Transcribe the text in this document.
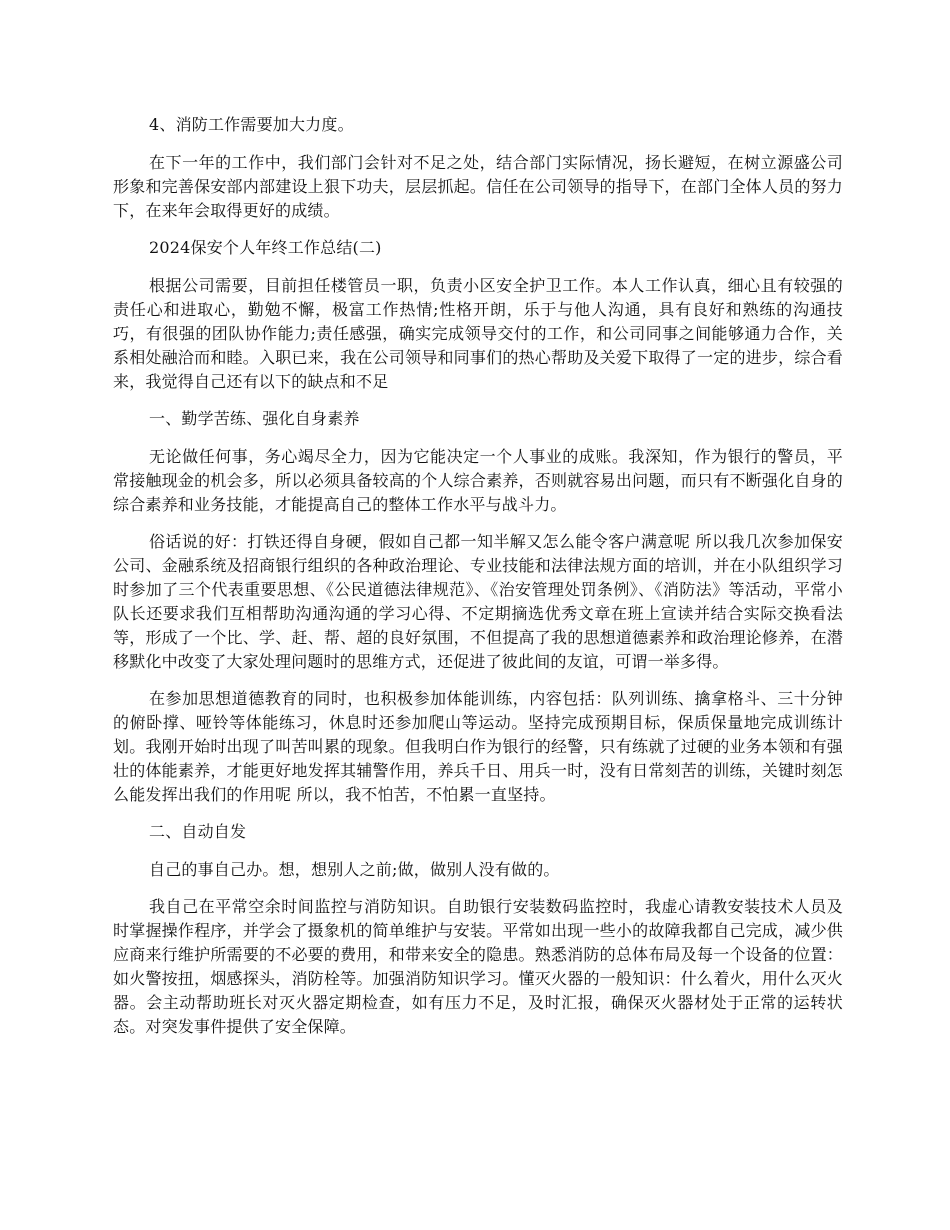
4、消防工作需要加大力度。

在下一年的工作中，我们部门会针对不足之处，结合部门实际情况，扬长避短，在树立源盛公司形象和完善保安部内部建设上狠下功夫，层层抓起。信任在公司领导的指导下，在部门全体人员的努力下，在来年会取得更好的成绩。

2024保安个人年终工作总结(二)

根据公司需要，目前担任楼管员一职，负责小区安全护卫工作。本人工作认真，细心且有较强的责任心和进取心，勤勉不懈，极富工作热情;性格开朗，乐于与他人沟通，具有良好和熟练的沟通技巧，有很强的团队协作能力;责任感强，确实完成领导交付的工作，和公司同事之间能够通力合作，关系相处融洽而和睦。入职已来，我在公司领导和同事们的热心帮助及关爱下取得了一定的进步，综合看来，我觉得自己还有以下的缺点和不足

一、勤学苦练、强化自身素养

无论做任何事，务心竭尽全力，因为它能决定一个人事业的成账。我深知，作为银行的警员，平常接触现金的机会多，所以必须具备较高的个人综合素养，否则就容易出问题，而只有不断强化自身的综合素养和业务技能，才能提高自己的整体工作水平与战斗力。

俗话说的好：打铁还得自身硬，假如自己都一知半解又怎么能令客户满意呢 所以我几次参加保安公司、金融系统及招商银行组织的各种政治理论、专业技能和法律法规方面的培训，并在小队组织学习时参加了三个代表重要思想、《公民道德法律规范》、《治安管理处罚条例》、《消防法》等活动，平常小队长还要求我们互相帮助沟通沟通的学习心得、不定期摘选优秀文章在班上宣读并结合实际交换看法等，形成了一个比、学、赶、帮、超的良好氛围，不但提高了我的思想道德素养和政治理论修养，在潜移默化中改变了大家处理问题时的思维方式，还促进了彼此间的友谊，可谓一举多得。

在参加思想道德教育的同时，也积极参加体能训练，内容包括：队列训练、擒拿格斗、三十分钟的俯卧撑、哑铃等体能练习，休息时还参加爬山等运动。坚持完成预期目标，保质保量地完成训练计划。我刚开始时出现了叫苦叫累的现象。但我明白作为银行的经警，只有练就了过硬的业务本领和有强壮的体能素养，才能更好地发挥其辅警作用，养兵千日、用兵一时，没有日常刻苦的训练，关键时刻怎么能发挥出我们的作用呢 所以，我不怕苦，不怕累一直坚持。

二、自动自发

自己的事自己办。想，想别人之前;做，做别人没有做的。

我自己在平常空余时间监控与消防知识。自助银行安装数码监控时，我虚心请教安装技术人员及时掌握操作程序，并学会了摄象机的简单维护与安装。平常如出现一些小的故障我都自己完成，减少供应商来行维护所需要的不必要的费用，和带来安全的隐患。熟悉消防的总体布局及每一个设备的位置：如火警按扭，烟感探头，消防栓等。加强消防知识学习。懂灭火器的一般知识：什么着火，用什么灭火器。会主动帮助班长对灭火器定期检查，如有压力不足，及时汇报，确保灭火器材处于正常的运转状态。对突发事件提供了安全保障。
